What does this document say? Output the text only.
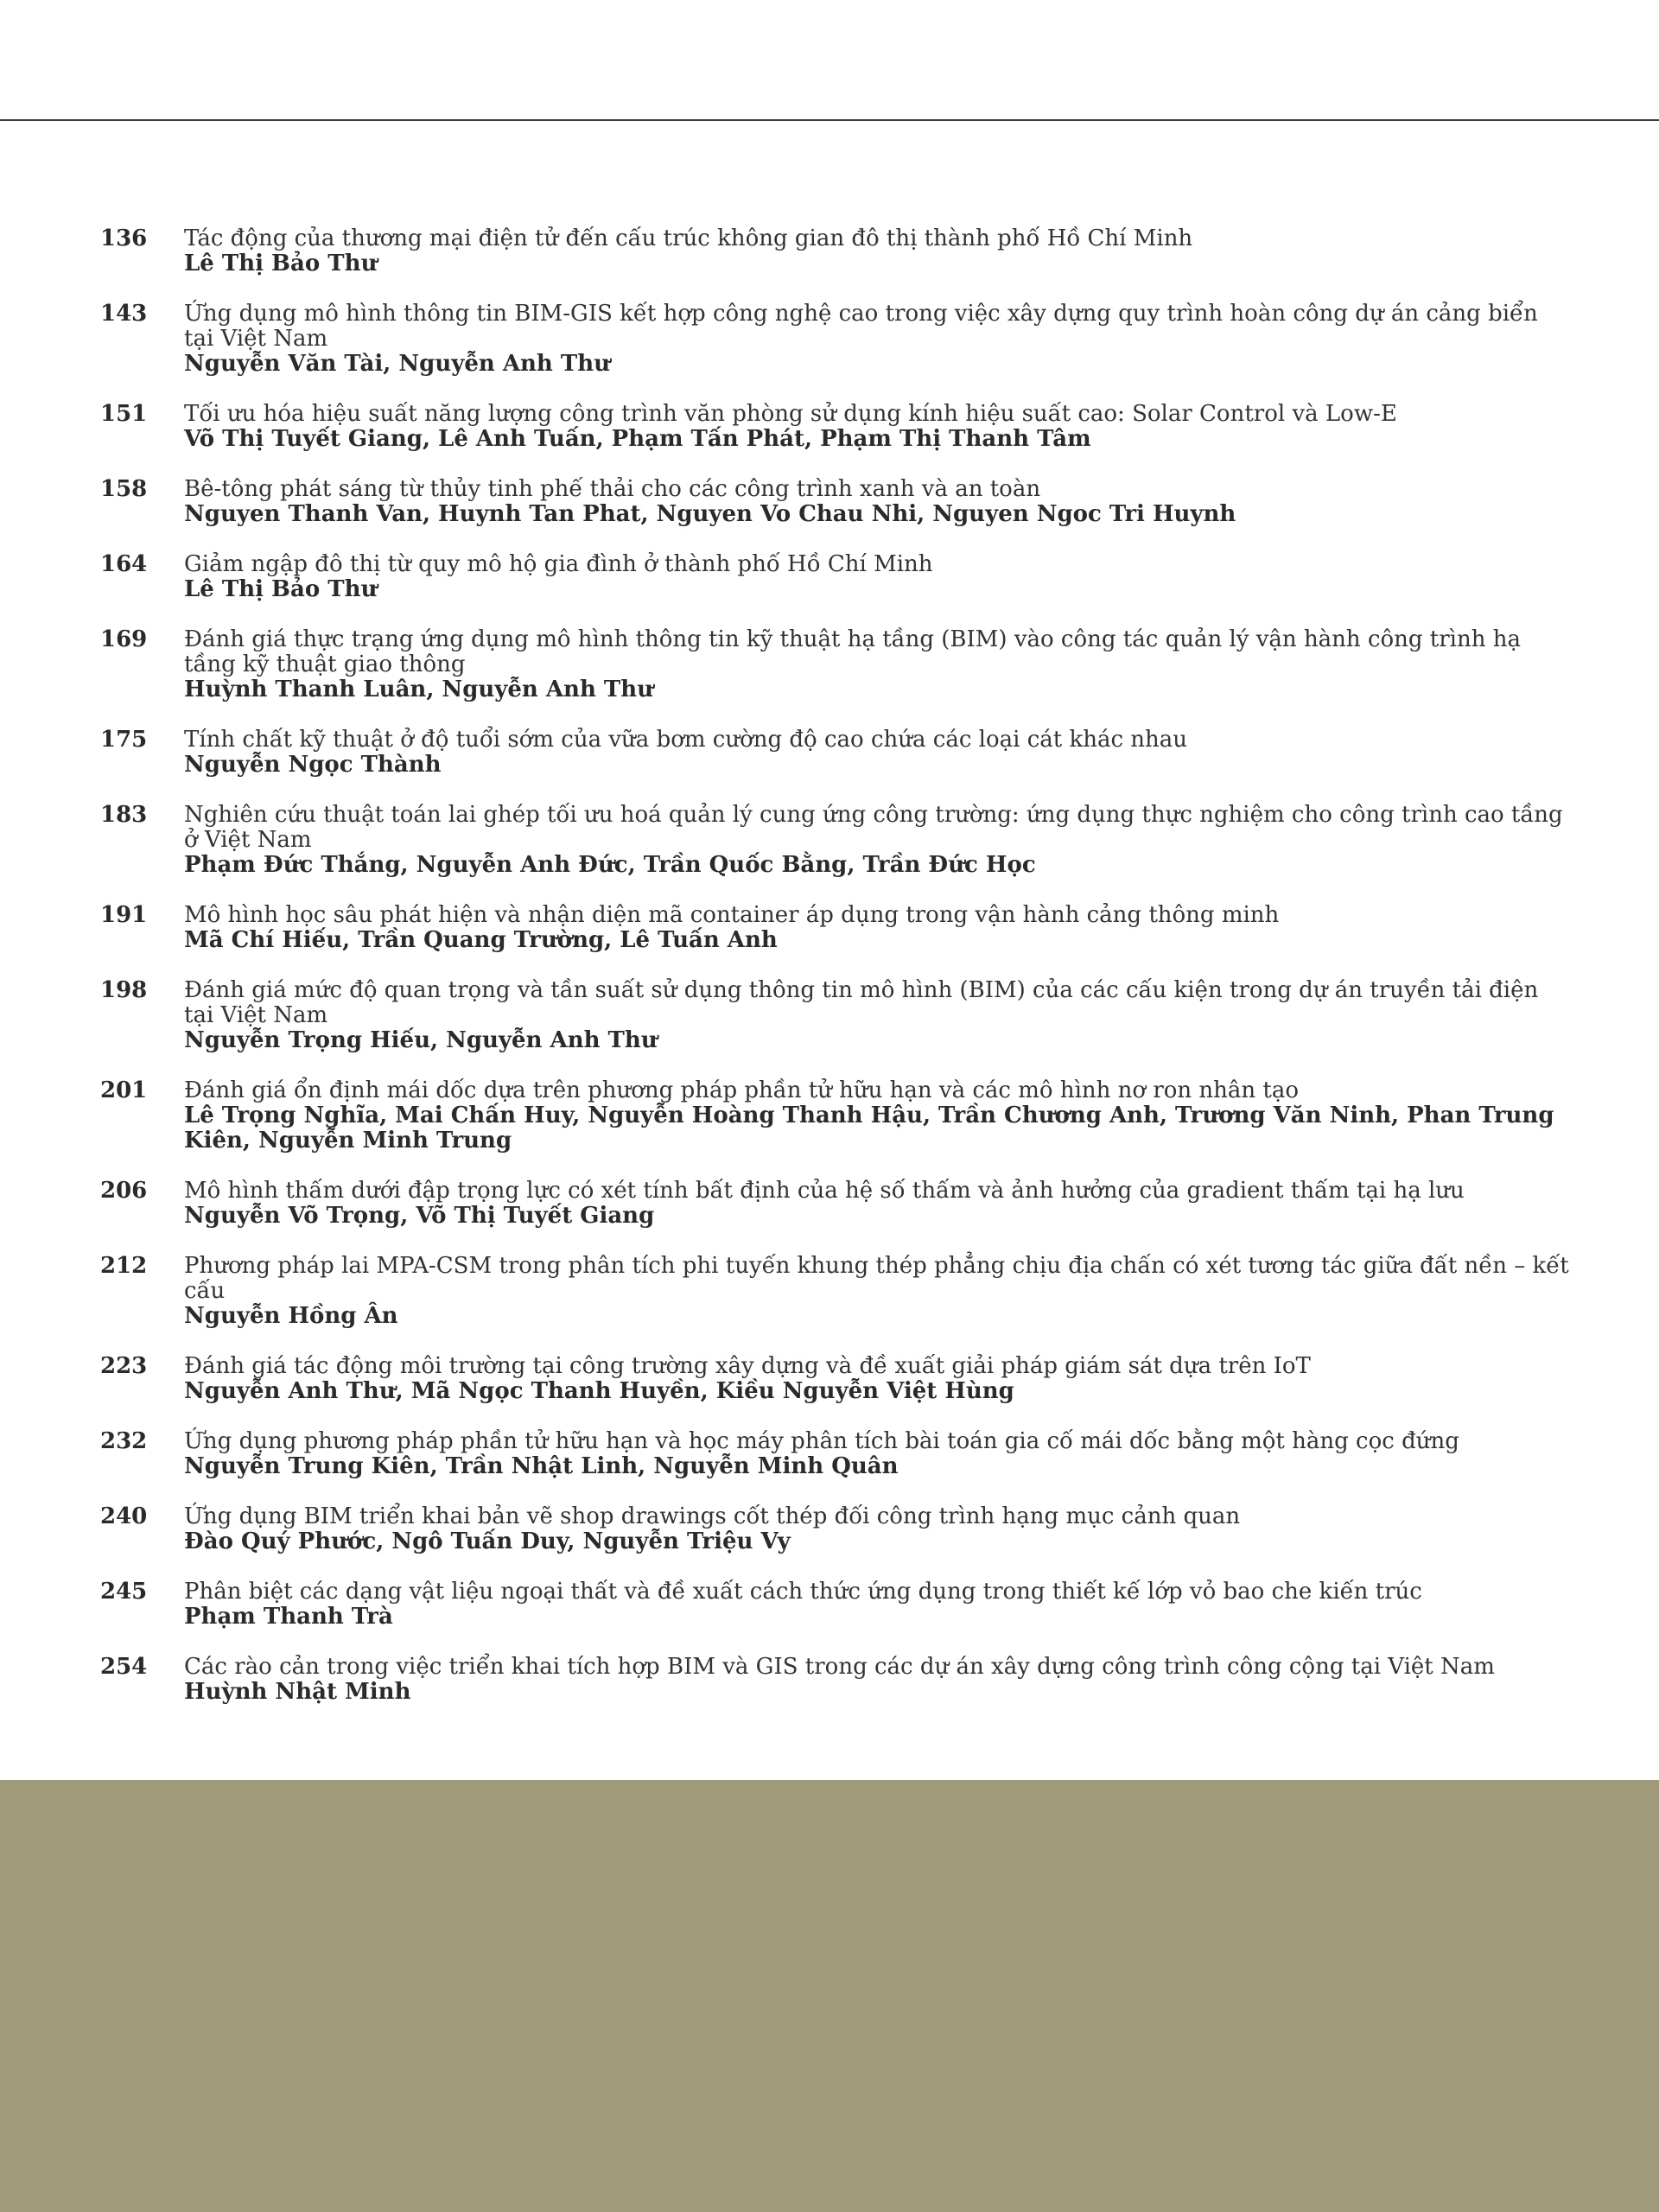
136	Tác động của thương mại điện tử đến cấu trúc không gian đô thị thành phố Hồ Chí Minh
Lê Thị Bảo Thư
143	Ứng dụng mô hình thông tin BIM-GIS kết hợp công nghệ cao trong việc xây dựng quy trình hoàn công dự án cảng biển tại Việt Nam
Nguyễn Văn Tài, Nguyễn Anh Thư
151	Tối ưu hóa hiệu suất năng lượng công trình văn phòng sử dụng kính hiệu suất cao: Solar Control và Low-E
Võ Thị Tuyết Giang, Lê Anh Tuấn, Phạm Tấn Phát, Phạm Thị Thanh Tâm
158	Bê-tông phát sáng từ thủy tinh phế thải cho các công trình xanh và an toàn
Nguyen Thanh Van, Huynh Tan Phat, Nguyen Vo Chau Nhi, Nguyen Ngoc Tri Huynh
164	Giảm ngập đô thị từ quy mô hộ gia đình ở thành phố Hồ Chí Minh
Lê Thị Bảo Thư
169	Đánh giá thực trạng ứng dụng mô hình thông tin kỹ thuật hạ tầng (BIM) vào công tác quản lý vận hành công trình hạ tầng kỹ thuật giao thông
Huỳnh Thanh Luân, Nguyễn Anh Thư
175	Tính chất kỹ thuật ở độ tuổi sớm của vữa bơm cường độ cao chứa các loại cát khác nhau
Nguyễn Ngọc Thành
183	Nghiên cứu thuật toán lai ghép tối ưu hoá quản lý cung ứng công trường: ứng dụng thực nghiệm cho công trình cao tầng ở Việt Nam
Phạm Đức Thắng, Nguyễn Anh Đức, Trần Quốc Bằng, Trần Đức Học
191	Mô hình học sâu phát hiện và nhận diện mã container áp dụng trong vận hành cảng thông minh
Mã Chí Hiếu, Trần Quang Trường, Lê Tuấn Anh
198	Đánh giá mức độ quan trọng và tần suất sử dụng thông tin mô hình (BIM) của các cấu kiện trong dự án truyền tải điện tại Việt Nam
Nguyễn Trọng Hiếu, Nguyễn Anh Thư
201	Đánh giá ổn định mái dốc dựa trên phương pháp phần tử hữu hạn và các mô hình nơ ron nhân tạo
Lê Trọng Nghĩa, Mai Chấn Huy, Nguyễn Hoàng Thanh Hậu, Trần Chương Anh, Trương Văn Ninh, Phan Trung Kiên, Nguyễn Minh Trung
206	Mô hình thấm dưới đập trọng lực có xét tính bất định của hệ số thấm và ảnh hưởng của gradient thấm tại hạ lưu
Nguyễn Võ Trọng, Võ Thị Tuyết Giang
212	Phương pháp lai MPA-CSM trong phân tích phi tuyến khung thép phẳng chịu địa chấn có xét tương tác giữa đất nền – kết cấu
Nguyễn Hồng Ân
223	Đánh giá tác động môi trường tại công trường xây dựng và đề xuất giải pháp giám sát dựa trên IoT
Nguyễn Anh Thư, Mã Ngọc Thanh Huyền, Kiều Nguyễn Việt Hùng
232	Ứng dụng phương pháp phần tử hữu hạn và học máy phân tích bài toán gia cố mái dốc bằng một hàng cọc đứng
Nguyễn Trung Kiên, Trần Nhật Linh, Nguyễn Minh Quân
240	Ứng dụng BIM triển khai bản vẽ shop drawings cốt thép đối công trình hạng mục cảnh quan
Đào Quý Phước, Ngô Tuấn Duy, Nguyễn Triệu Vy
245	Phân biệt các dạng vật liệu ngoại thất và đề xuất cách thức ứng dụng trong thiết kế lớp vỏ bao che kiến trúc
Phạm Thanh Trà
254	Các rào cản trong việc triển khai tích hợp BIM và GIS trong các dự án xây dựng công trình công cộng tại Việt Nam
Huỳnh Nhật Minh
